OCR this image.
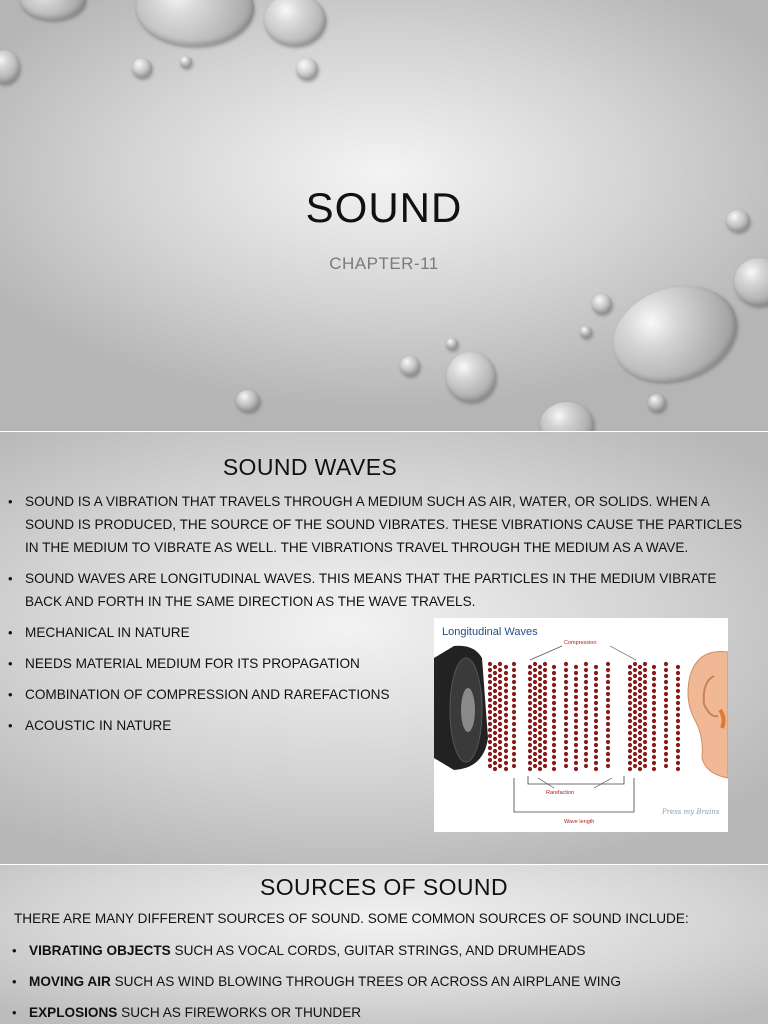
SOUND
CHAPTER-11
SOUND WAVES
• SOUND IS A VIBRATION THAT TRAVELS THROUGH A MEDIUM SUCH AS AIR, WATER, OR SOLIDS. WHEN A SOUND IS PRODUCED, THE SOURCE OF THE SOUND VIBRATES. THESE VIBRATIONS CAUSE THE PARTICLES IN THE MEDIUM TO VIBRATE AS WELL. THE VIBRATIONS TRAVEL THROUGH THE MEDIUM AS A WAVE.
• SOUND WAVES ARE LONGITUDINAL WAVES. THIS MEANS THAT THE PARTICLES IN THE MEDIUM VIBRATE BACK AND FORTH IN THE SAME DIRECTION AS THE WAVE TRAVELS.
• MECHANICAL IN NATURE
• NEEDS MATERIAL MEDIUM FOR ITS PROPAGATION
• COMBINATION OF COMPRESSION AND RAREFACTIONS
• ACOUSTIC IN NATURE
Longitudinal Waves
Compression
Rarefaction
Wave length
Press my Brains
SOURCES OF SOUND
THERE ARE MANY DIFFERENT SOURCES OF SOUND. SOME COMMON SOURCES OF SOUND INCLUDE:
• VIBRATING OBJECTS SUCH AS VOCAL CORDS, GUITAR STRINGS, AND DRUMHEADS
• MOVING AIR SUCH AS WIND BLOWING THROUGH TREES OR ACROSS AN AIRPLANE WING
• EXPLOSIONS SUCH AS FIREWORKS OR THUNDER
